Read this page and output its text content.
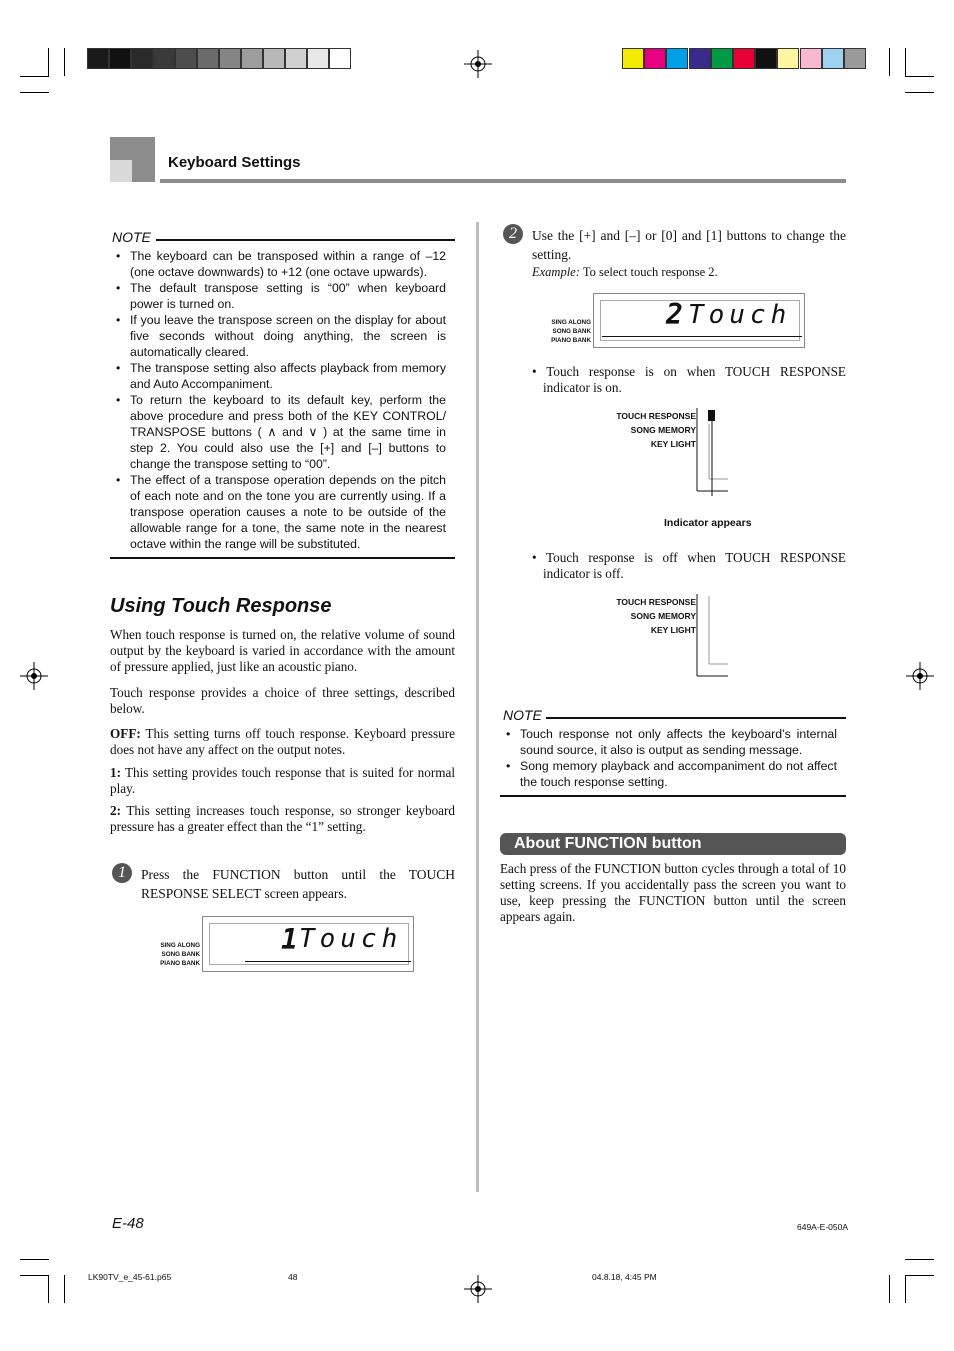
Keyboard Settings
NOTE
• The keyboard can be transposed within a range of –12 (one octave downwards) to +12 (one octave upwards).
• The default transpose setting is “00” when keyboard power is turned on.
• If you leave the transpose screen on the display for about five seconds without doing anything, the screen is automatically cleared.
• The transpose setting also affects playback from memory and Auto Accompaniment.
• To return the keyboard to its default key, perform the above procedure and press both of the KEY CONTROL/ TRANSPOSE buttons ( ∧ and ∨ ) at the same time in step 2. You could also use the [+] and [–] buttons to change the transpose setting to “00”.
• The effect of a transpose operation depends on the pitch of each note and on the tone you are currently using. If a transpose operation causes a note to be outside of the allowable range for a tone, the same note in the nearest octave within the range will be substituted.
Using Touch Response
When touch response is turned on, the relative volume of sound output by the keyboard is varied in accordance with the amount of pressure applied, just like an acoustic piano.
Touch response provides a choice of three settings, described below.
OFF: This setting turns off touch response. Keyboard pressure does not have any affect on the output notes.
1: This setting provides touch response that is suited for normal play.
2: This setting increases touch response, so stronger keyboard pressure has a greater effect than the “1” setting.
1	Press the FUNCTION button until the TOUCH RESPONSE SELECT screen appears.
SING ALONG
SONG BANK
PIANO BANK
1 Touch
2	Use the [+] and [–] or [0] and [1] buttons to change the setting.
Example: To select touch response 2.
SING ALONG
SONG BANK
PIANO BANK
2 Touch
• Touch response is on when TOUCH RESPONSE indicator is on.
TOUCH RESPONSE
SONG MEMORY
KEY LIGHT
Indicator appears
• Touch response is off when TOUCH RESPONSE indicator is off.
TOUCH RESPONSE
SONG MEMORY
KEY LIGHT
NOTE
• Touch response not only affects the keyboard’s internal sound source, it also is output as sending message.
• Song memory playback and accompaniment do not affect the touch response setting.
About FUNCTION button
Each press of the FUNCTION button cycles through a total of 10 setting screens. If you accidentally pass the screen you want to use, keep pressing the FUNCTION button until the screen appears again.
E-48	649A-E-050A
LK90TV_e_45-61.p65	48	04.8.18, 4:45 PM
